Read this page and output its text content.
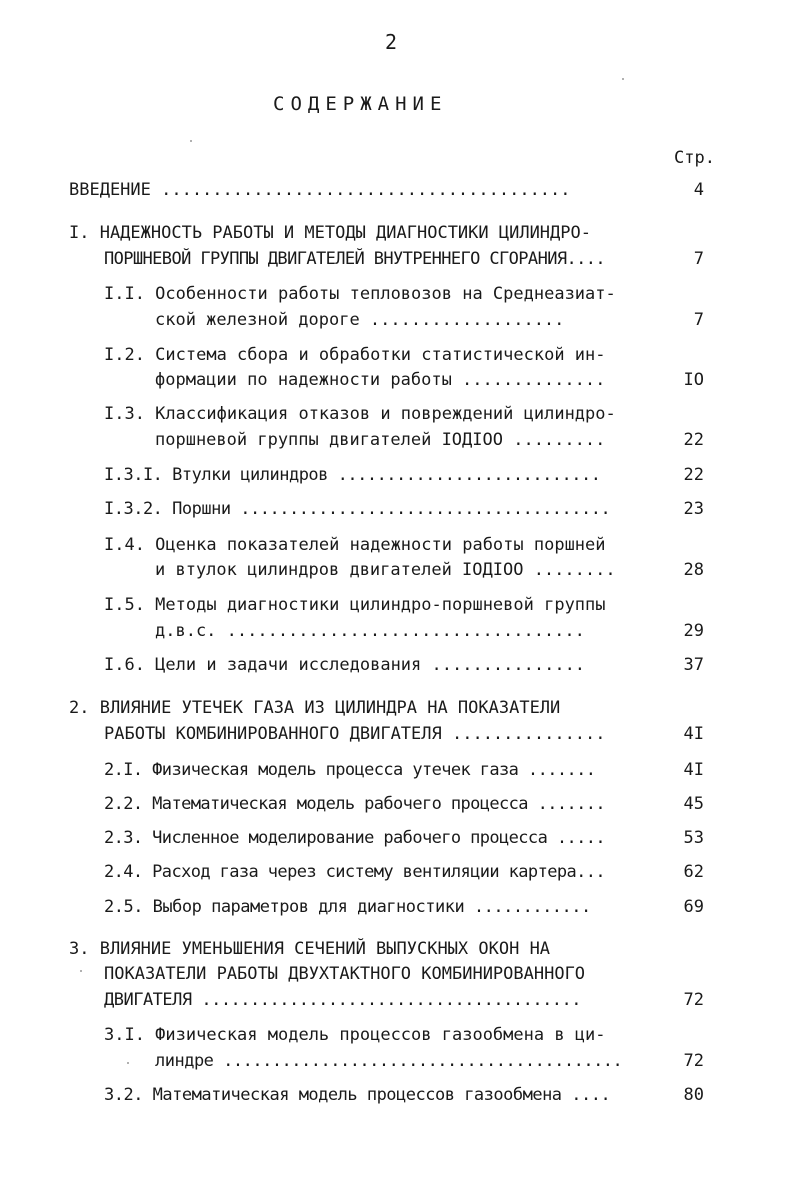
2
СОДЕРЖАНИЕ
Стр.
ВВЕДЕНИЕ ........................................	4
I. НАДЕЖНОСТЬ РАБОТЫ И МЕТОДЫ ДИАГНОСТИКИ ЦИЛИНДРО-
ПОРШНЕВОЙ ГРУППЫ ДВИГАТЕЛЕЙ ВНУТРЕННЕГО СГОРАНИЯ....	7
I.I. Особенности работы тепловозов на Среднеазиат-
ской железной дороге ...................	7
I.2. Система сбора и обработки статистической ин-
формации по надежности работы ..............	IO
I.3. Классификация отказов и повреждений цилиндро-
поршневой группы двигателей IOДIOO .........	22
I.3.I. Втулки цилиндров ...........................	22
I.3.2. Поршни ......................................	23
I.4. Оценка показателей надежности работы поршней
и втулок цилиндров двигателей IOДIOO ........	28
I.5. Методы диагностики цилиндро-поршневой группы
д.в.с. ...................................	29
I.6. Цели и задачи исследования ...............	37
2. ВЛИЯНИЕ УТЕЧЕК ГАЗА ИЗ ЦИЛИНДРА НА ПОКАЗАТЕЛИ
РАБОТЫ КОМБИНИРОВАННОГО ДВИГАТЕЛЯ ...............	4I
2.I. Физическая модель процесса утечек газа .......	4I
2.2. Математическая модель рабочего процесса .......	45
2.3. Численное моделирование рабочего процесса .....	53
2.4. Расход газа через систему вентиляции картера...	62
2.5. Выбор параметров для диагностики ............	69
3. ВЛИЯНИЕ УМЕНЬШЕНИЯ СЕЧЕНИЙ ВЫПУСКНЫХ ОКОН НА
ПОКАЗАТЕЛИ РАБОТЫ ДВУХТАКТНОГО КОМБИНИРОВАННОГО
ДВИГАТЕЛЯ .......................................	72
3.I. Физическая модель процессов газообмена в ци-
линдре .........................................	72
3.2. Математическая модель процессов газообмена ....	80
